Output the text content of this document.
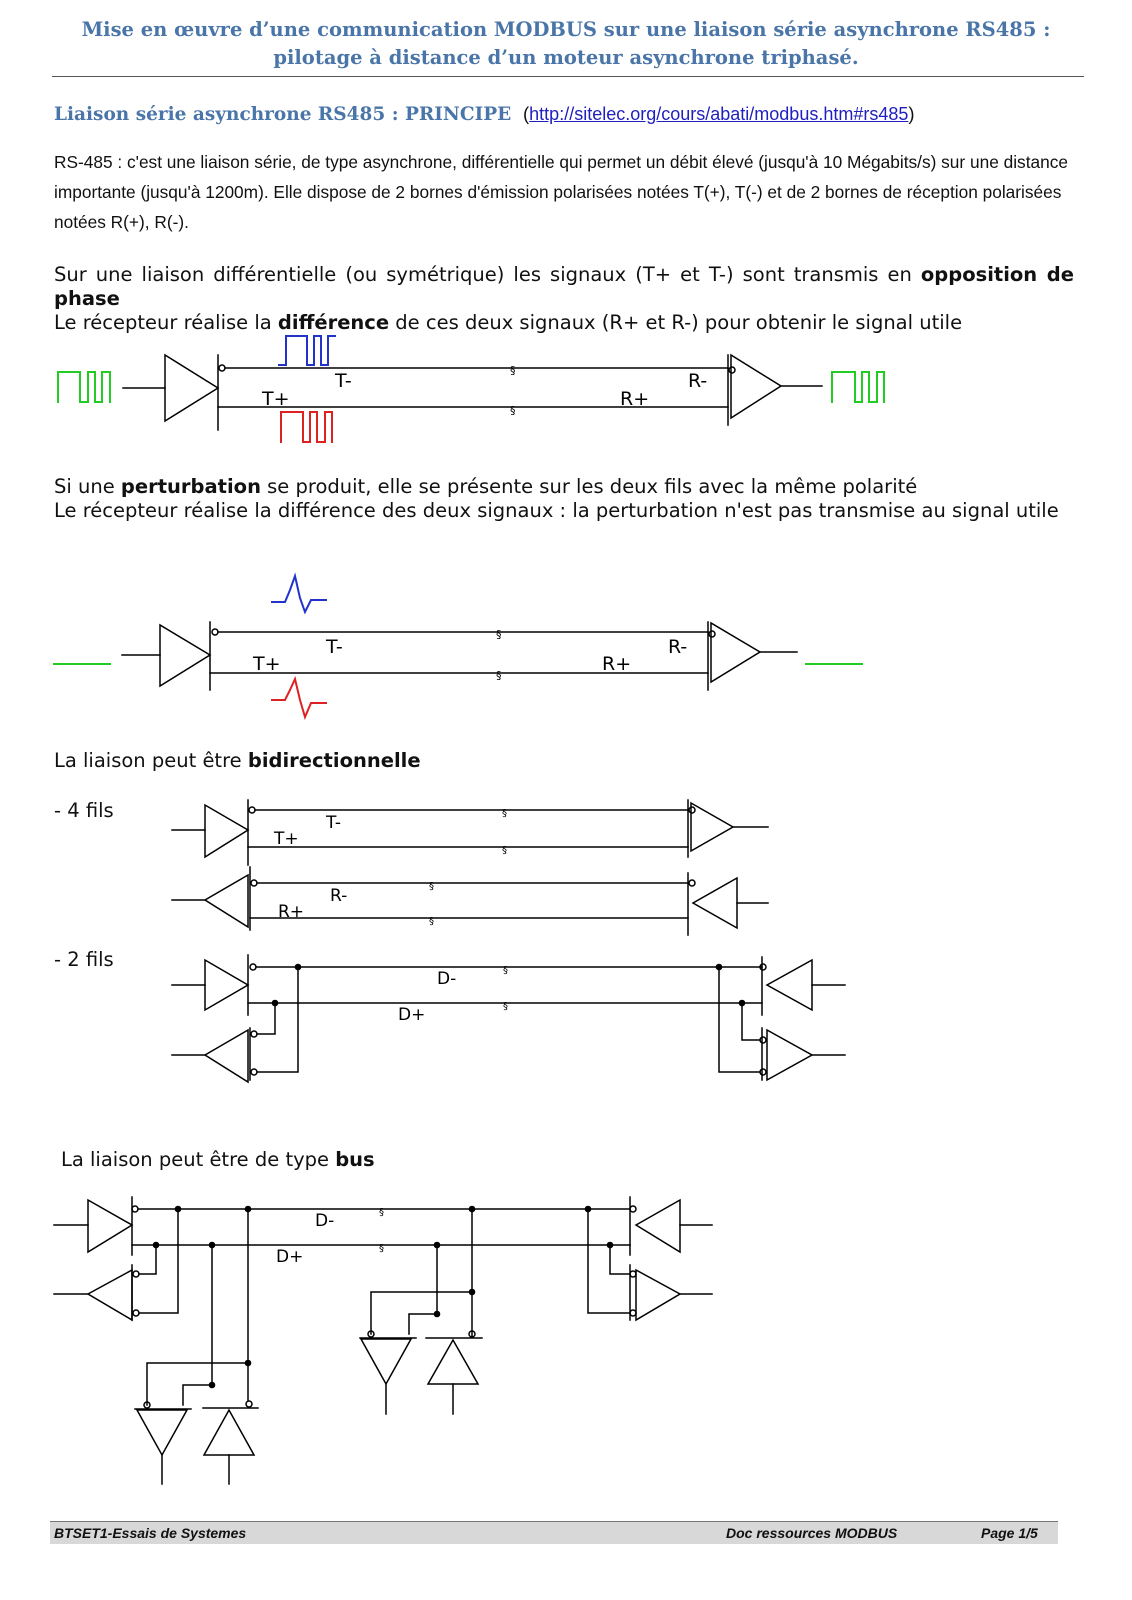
Mise en œuvre d’une communication MODBUS sur une liaison série asynchrone RS485 : pilotage à distance d’un moteur asynchrone triphasé.
Liaison série asynchrone RS485 : PRINCIPE (http://sitelec.org/cours/abati/modbus.htm#rs485)
RS-485 : c'est une liaison série, de type asynchrone, différentielle qui permet un débit élevé (jusqu'à 10 Mégabits/s) sur une distance importante (jusqu'à 1200m). Elle dispose de 2 bornes d'émission polarisées notées T(+), T(-) et de 2 bornes de réception polarisées notées R(+), R(-).
Sur une liaison différentielle (ou symétrique) les signaux (T+ et T-) sont transmis en opposition de phase
Le récepteur réalise la différence de ces deux signaux (R+ et R-) pour obtenir le signal utile
Si une perturbation se produit, elle se présente sur les deux fils avec la même polarité
Le récepteur réalise la différence des deux signaux : la perturbation n'est pas transmise au signal utile
La liaison peut être bidirectionnelle
- 4 fils
- 2 fils
La liaison peut être de type bus
T+
T-
R+
R-
§
§
T+
T-
R+
R-
§
§
T+
T-
R+
R-
§
§
§
§
D-
D+
§
§
D-
D+
§
§
BTSET1-Essais de Systemes	Doc ressources MODBUS	Page 1/5
